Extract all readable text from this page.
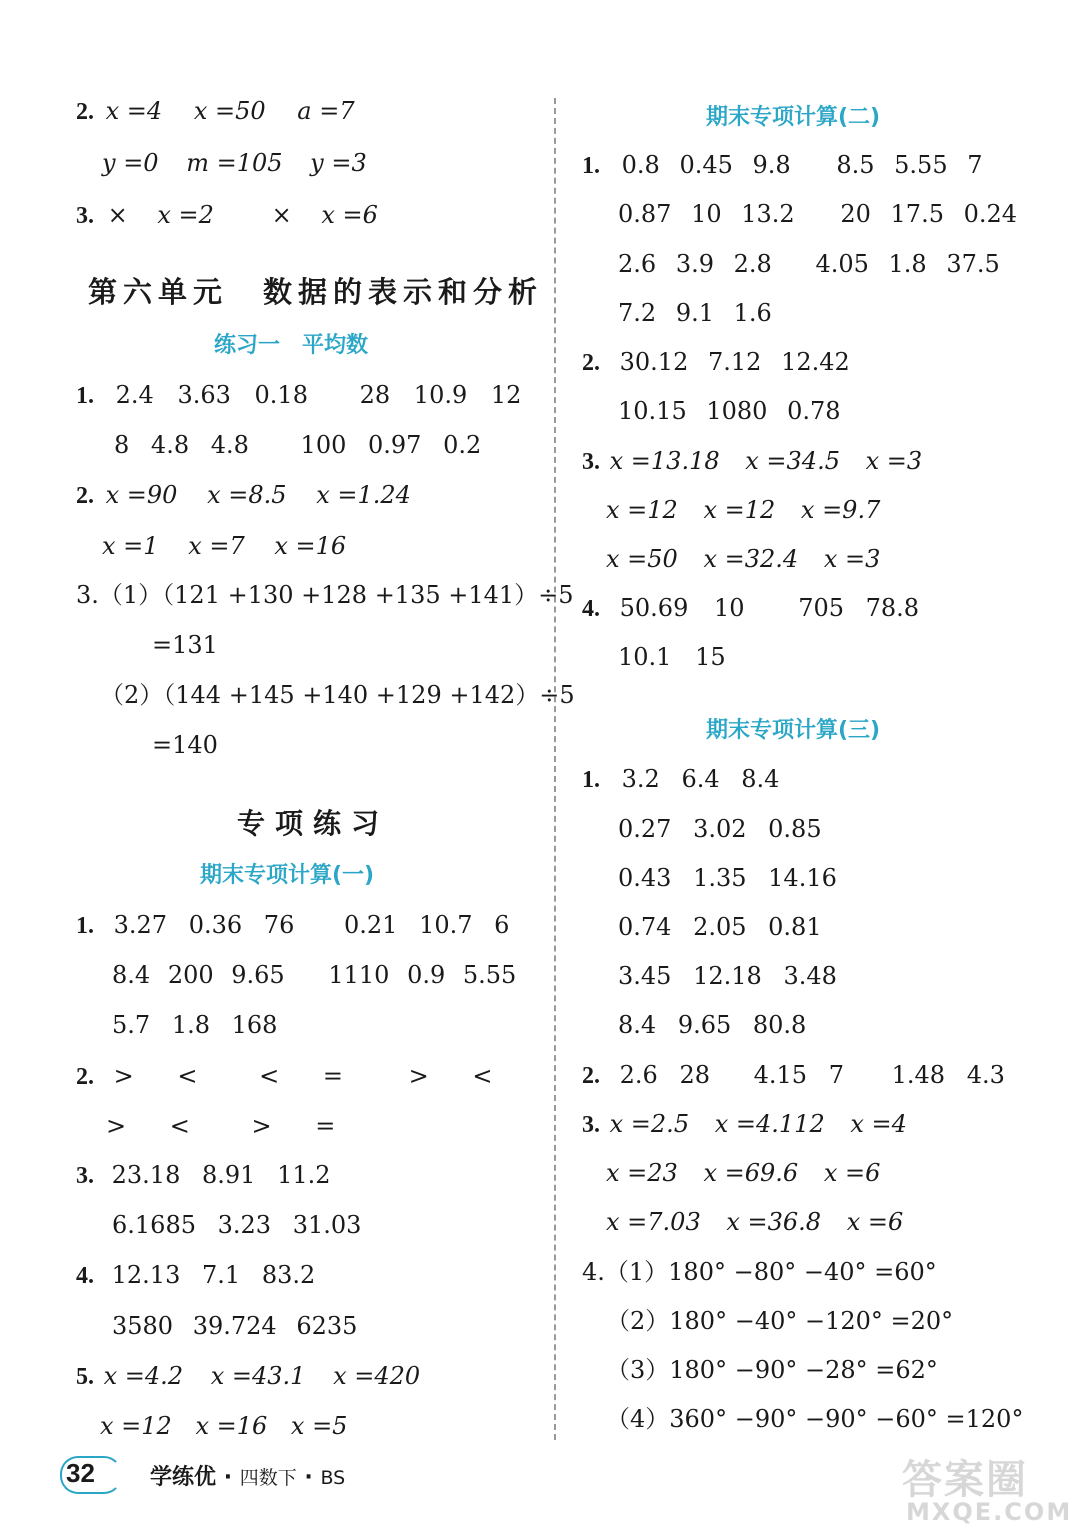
2. x =4 x =50 a =7
y =0 m =105 y =3
3. × x =2 × x =6
第六单元　数据的表示和分析
练习一　平均数
1. 2.4 3.63 0.18 28 10.9 12
8 4.8 4.8 100 0.97 0.2
2. x =90 x =8.5 x =1.24
x =1 x =7 x =16
3.（1）（121 +130 +128 +135 +141）÷5
=131
（2）（144 +145 +140 +129 +142）÷5
=140
专项练习
期末专项计算(一)
1. 3.27 0.36 76 0.21 10.7 6
8.4 200 9.65 1110 0.9 5.55
5.7 1.8 168
2. > <	< =	> <
> <	> =
3. 23.18 8.91 11.2
6.1685 3.23 31.03
4. 12.13 7.1 83.2
3580 39.724 6235
5. x =4.2 x =43.1 x =420
x =12 x =16 x =5
期末专项计算(二)
1. 0.8 0.45 9.8 8.5 5.55 7
0.87 10 13.2 20 17.5 0.24
2.6 3.9 2.8 4.05 1.8 37.5
7.2 9.1 1.6
2. 30.12 7.12 12.42
10.15 1080 0.78
3. x =13.18 x =34.5 x =3
x =12 x =12 x =9.7
x =50 x =32.4 x =3
4. 50.69 10 705 78.8
10.1 15
期末专项计算(三)
1. 3.2 6.4 8.4
0.27 3.02 0.85
0.43 1.35 14.16
0.74 2.05 0.81
3.45 12.18 3.48
8.4 9.65 80.8
2. 2.6 28 4.15 7 1.48 4.3
3. x =2.5 x =4.112 x =4
x =23 x =69.6 x =6
x =7.03 x =36.8 x =6
4.（1）180° −80° −40° =60°
（2）180° −40° −120° =20°
（3）180° −90° −28° =62°
（4）360° −90° −90° −60° =120°
32	学练优 · 四数下 · BS	答案圈
MXQE.COM
